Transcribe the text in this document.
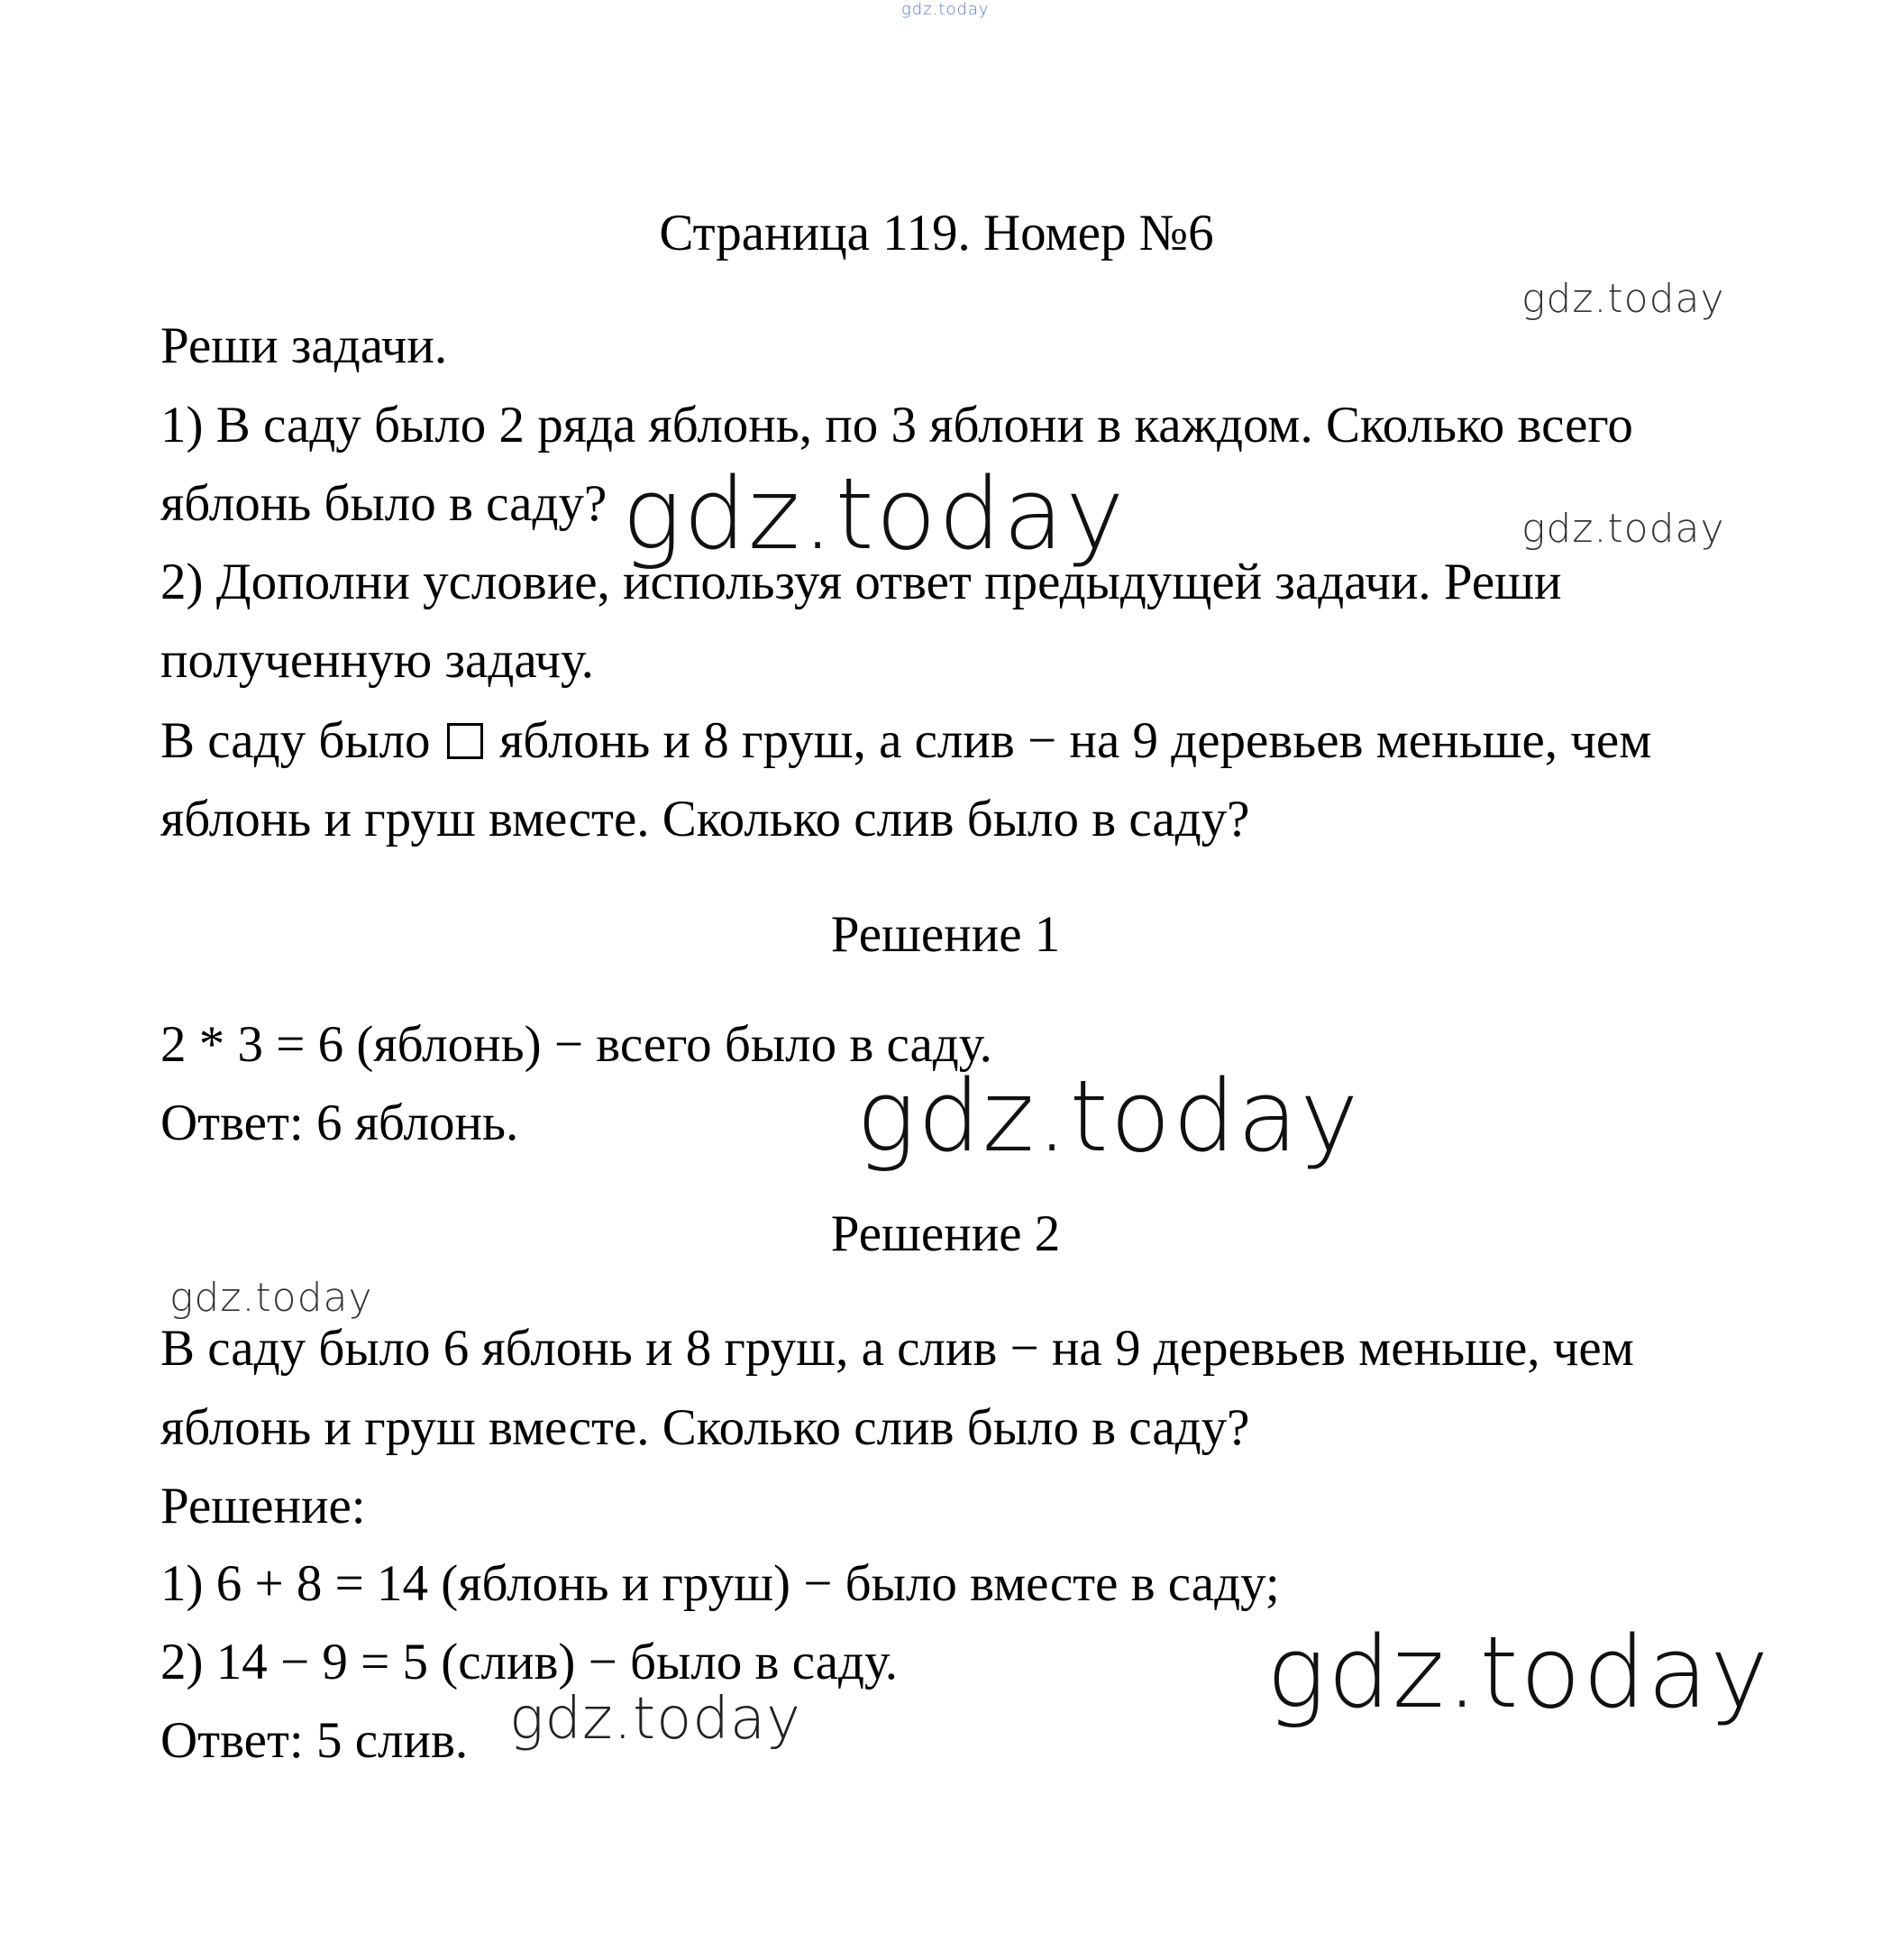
gdz.today
Страница 119. Номер №6
gdz.today
Реши задачи.
1) В саду было 2 ряда яблонь, по 3 яблони в каждом. Сколько всего
яблонь было в саду? gdz.today	gdz.today
2) Дополни условие, используя ответ предыдущей задачи. Реши
полученную задачу.
В саду было яблонь и 8 груш, а слив − на 9 деревьев меньше, чем
яблонь и груш вместе. Сколько слив было в саду?
Решение 1
2 * 3 = 6 (яблонь) − всего было в саду.
Ответ: 6 яблонь.	gdz.today
Решение 2
gdz.today
В саду было 6 яблонь и 8 груш, а слив − на 9 деревьев меньше, чем
яблонь и груш вместе. Сколько слив было в саду?
Решение:
1) 6 + 8 = 14 (яблонь и груш) − было вместе в саду;
2) 14 − 9 = 5 (слив) − было в саду.
Ответ: 5 слив.
gdz.today
gdz.today
